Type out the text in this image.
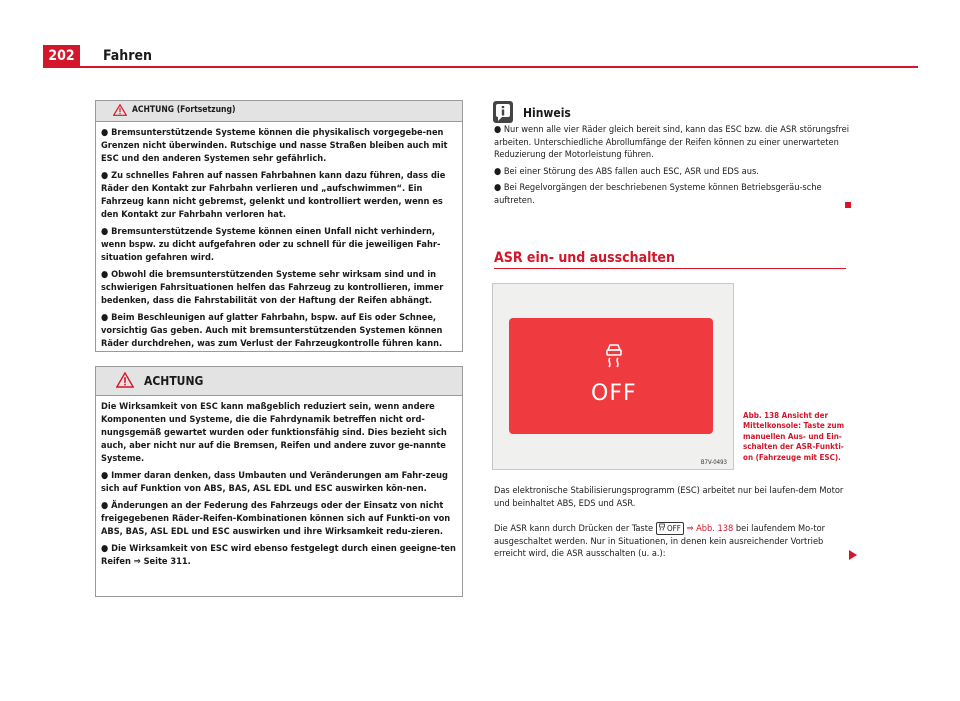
202	Fahren
ACHTUNG (Fortsetzung)

● Bremsunterstützende Systeme können die physikalisch vorgegebe-nen Grenzen nicht überwinden. Rutschige und nasse Straßen bleiben auch mit ESC und den anderen Systemen sehr gefährlich.

● Zu schnelles Fahren auf nassen Fahrbahnen kann dazu führen, dass die Räder den Kontakt zur Fahrbahn verlieren und „aufschwimmen“. Ein Fahrzeug kann nicht gebremst, gelenkt und kontrolliert werden, wenn es den Kontakt zur Fahrbahn verloren hat.

● Bremsunterstützende Systeme können einen Unfall nicht verhindern, wenn bspw. zu dicht aufgefahren oder zu schnell für die jeweiligen Fahr-situation gefahren wird.

● Obwohl die bremsunterstützenden Systeme sehr wirksam sind und in schwierigen Fahrsituationen helfen das Fahrzeug zu kontrollieren, immer bedenken, dass die Fahrstabilität von der Haftung der Reifen abhängt.

● Beim Beschleunigen auf glatter Fahrbahn, bspw. auf Eis oder Schnee, vorsichtig Gas geben. Auch mit bremsunterstützenden Systemen können Räder durchdrehen, was zum Verlust der Fahrzeugkontrolle führen kann.

ACHTUNG

Die Wirksamkeit von ESC kann maßgeblich reduziert sein, wenn andere Komponenten und Systeme, die die Fahrdynamik betreffen nicht ord-nungsgemäß gewartet wurden oder funktionsfähig sind. Dies bezieht sich auch, aber nicht nur auf die Bremsen, Reifen und andere zuvor ge-nannte Systeme.

● Immer daran denken, dass Umbauten und Veränderungen am Fahr-zeug sich auf Funktion von ABS, BAS, ASL EDL und ESC auswirken kön-nen.

● Änderungen an der Federung des Fahrzeugs oder der Einsatz von nicht freigegebenen Räder-Reifen-Kombinationen können sich auf Funkti-on von ABS, BAS, ASL EDL und ESC auswirken und ihre Wirksamkeit redu-zieren.

● Die Wirksamkeit von ESC wird ebenso festgelegt durch einen geeigne-ten Reifen ⇒ Seite 311.

Hinweis

● Nur wenn alle vier Räder gleich bereit sind, kann das ESC bzw. die ASR störungsfrei arbeiten. Unterschiedliche Abrollumfänge der Reifen können zu einer unerwarteten Reduzierung der Motorleistung führen.

● Bei einer Störung des ABS fallen auch ESC, ASR und EDS aus.

● Bei Regelvorgängen der beschriebenen Systeme können Betriebsgeräu-sche auftreten.

ASR ein- und ausschalten
OFF
B7V-0493
Abb. 138 Ansicht der Mittelkonsole: Taste zum manuellen Aus- und Ein-schalten der ASR-Funkti-on (Fahrzeuge mit ESC).
Das elektronische Stabilisierungsprogramm (ESC) arbeitet nur bei laufen-dem Motor und beinhaltet ABS, EDS und ASR.
Die ASR kann durch Drücken der Taste  OFF ⇒ Abb. 138 bei laufendem Mo-tor ausgeschaltet werden. Nur in Situationen, in denen kein ausreichender Vortrieb erreicht wird, die ASR ausschalten (u. a.):
